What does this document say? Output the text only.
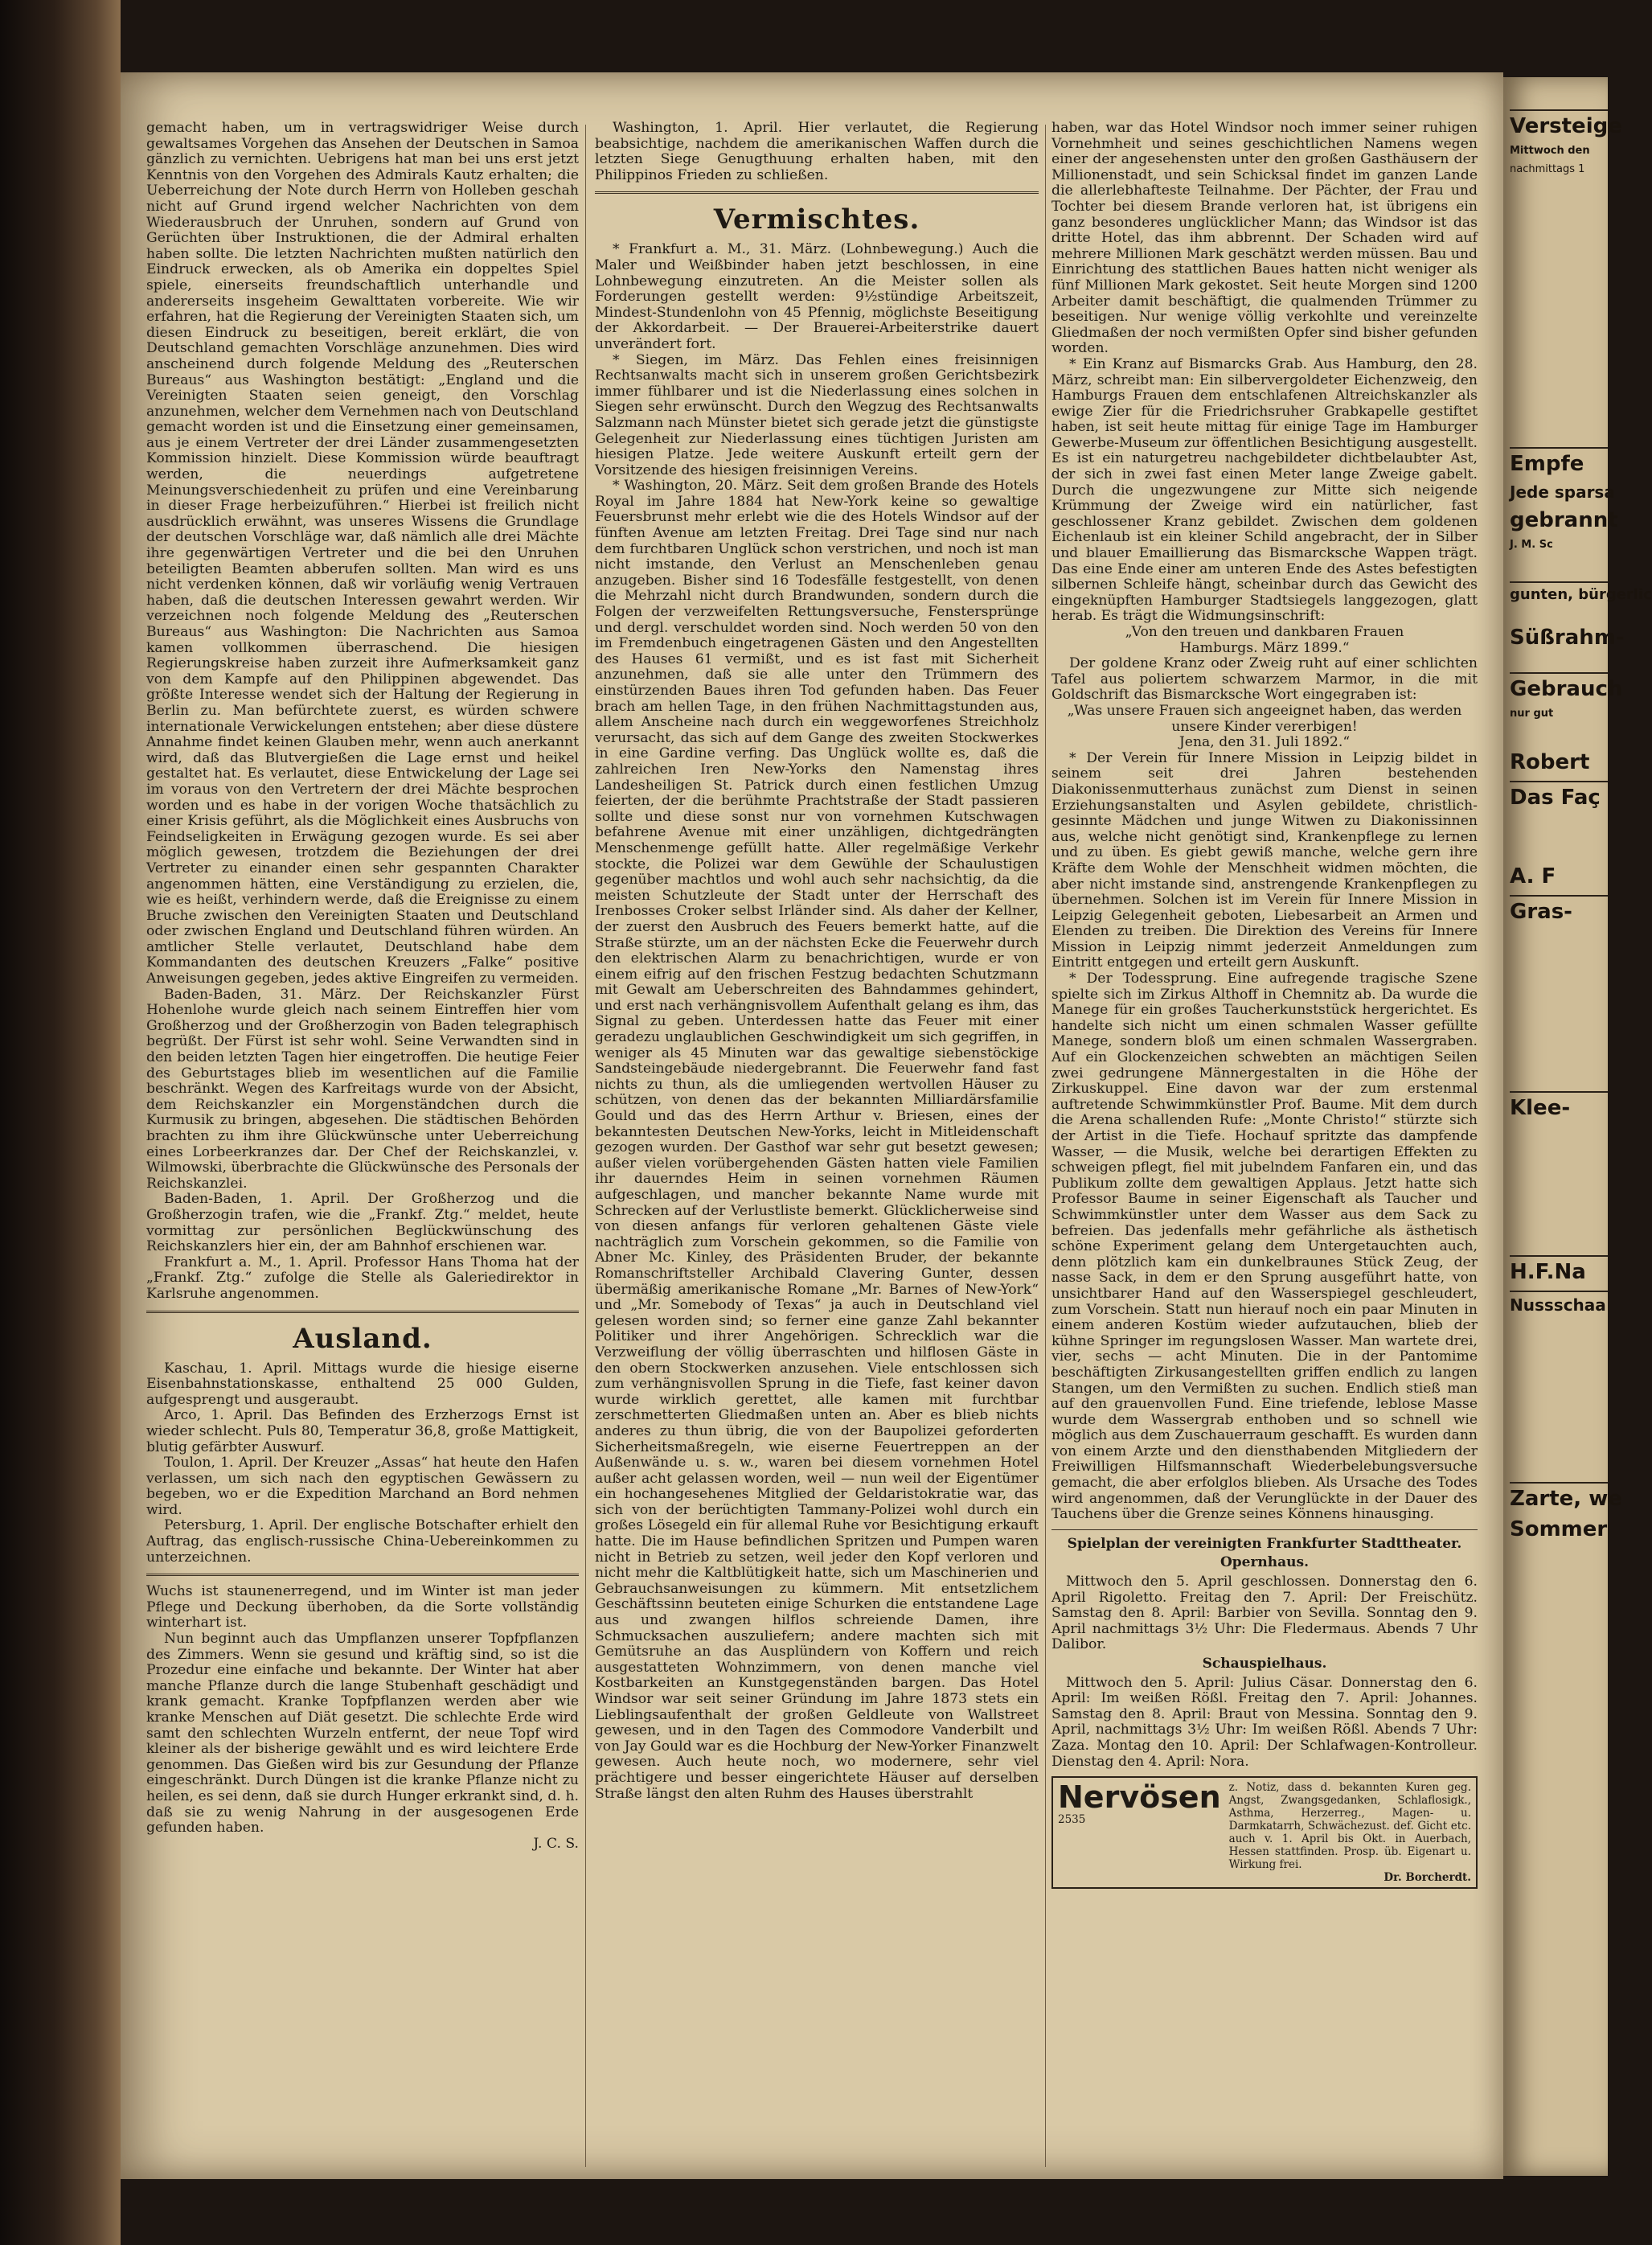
gemacht haben, um in vertragswidriger Weise durch gewaltsames Vorgehen das Ansehen der Deutschen in Samoa gänzlich zu vernichten. Uebrigens hat man bei uns erst jetzt Kenntnis von den Vorgehen des Admirals Kautz erhalten; die Ueberreichung der Note durch Herrn von Holleben geschah nicht auf Grund irgend welcher Nachrichten von dem Wiederausbruch der Unruhen, sondern auf Grund von Gerüchten über Instruktionen, die der Admiral erhalten haben sollte. Die letzten Nachrichten mußten natürlich den Eindruck erwecken, als ob Amerika ein doppeltes Spiel spiele, einerseits freundschaftlich unterhandle und andererseits insgeheim Gewalttaten vorbereite. Wie wir erfahren, hat die Regierung der Vereinigten Staaten sich, um diesen Eindruck zu beseitigen, bereit erklärt, die von Deutschland gemachten Vorschläge anzunehmen. Dies wird anscheinend durch folgende Meldung des „Reuterschen Bureaus“ aus Washington bestätigt: „England und die Vereinigten Staaten seien geneigt, den Vorschlag anzunehmen, welcher dem Vernehmen nach von Deutschland gemacht worden ist und die Einsetzung einer gemeinsamen, aus je einem Vertreter der drei Länder zusammengesetzten Kommission hinzielt. Diese Kommission würde beauftragt werden, die neuerdings aufgetretene Meinungsverschiedenheit zu prüfen und eine Vereinbarung in dieser Frage herbeizuführen.“ Hierbei ist freilich nicht ausdrücklich erwähnt, was unseres Wissens die Grundlage der deutschen Vorschläge war, daß nämlich alle drei Mächte ihre gegenwärtigen Vertreter und die bei den Unruhen beteiligten Beamten abberufen sollten. Man wird es uns nicht verdenken können, daß wir vorläufig wenig Vertrauen haben, daß die deutschen Interessen gewahrt werden. Wir verzeichnen noch folgende Meldung des „Reuterschen Bureaus“ aus Washington: Die Nachrichten aus Samoa kamen vollkommen überraschend. Die hiesigen Regierungskreise haben zurzeit ihre Aufmerksamkeit ganz von dem Kampfe auf den Philippinen abgewendet. Das größte Interesse wendet sich der Haltung der Regierung in Berlin zu. Man befürchtete zuerst, es würden schwere internationale Verwickelungen entstehen; aber diese düstere Annahme findet keinen Glauben mehr, wenn auch anerkannt wird, daß das Blutvergießen die Lage ernst und heikel gestaltet hat. Es verlautet, diese Entwickelung der Lage sei im voraus von den Vertretern der drei Mächte besprochen worden und es habe in der vorigen Woche thatsächlich zu einer Krisis geführt, als die Möglichkeit eines Ausbruchs von Feindseligkeiten in Erwägung gezogen wurde. Es sei aber möglich gewesen, trotzdem die Beziehungen der drei Vertreter zu einander einen sehr gespannten Charakter angenommen hätten, eine Verständigung zu erzielen, die, wie es heißt, verhindern werde, daß die Ereignisse zu einem Bruche zwischen den Vereinigten Staaten und Deutschland oder zwischen England und Deutschland führen würden. An amtlicher Stelle verlautet, Deutschland habe dem Kommandanten des deutschen Kreuzers „Falke“ positive Anweisungen gegeben, jedes aktive Eingreifen zu vermeiden.

Baden-Baden, 31. März. Der Reichskanzler Fürst Hohenlohe wurde gleich nach seinem Eintreffen hier vom Großherzog und der Großherzogin von Baden telegraphisch begrüßt. Der Fürst ist sehr wohl. Seine Verwandten sind in den beiden letzten Tagen hier eingetroffen. Die heutige Feier des Geburtstages blieb im wesentlichen auf die Familie beschränkt. Wegen des Karfreitags wurde von der Absicht, dem Reichskanzler ein Morgenständchen durch die Kurmusik zu bringen, abgesehen. Die städtischen Behörden brachten zu ihm ihre Glückwünsche unter Ueberreichung eines Lorbeerkranzes dar. Der Chef der Reichskanzlei, v. Wilmowski, überbrachte die Glückwünsche des Personals der Reichskanzlei.

Baden-Baden, 1. April. Der Großherzog und die Großherzogin trafen, wie die „Frankf. Ztg.“ meldet, heute vormittag zur persönlichen Beglückwünschung des Reichskanzlers hier ein, der am Bahnhof erschienen war.

Frankfurt a. M., 1. April. Professor Hans Thoma hat der „Frankf. Ztg.“ zufolge die Stelle als Galeriedirektor in Karlsruhe angenommen.

Ausland.

Kaschau, 1. April. Mittags wurde die hiesige eiserne Eisenbahnstationskasse, enthaltend 25 000 Gulden, aufgesprengt und ausgeraubt.

Arco, 1. April. Das Befinden des Erzherzogs Ernst ist wieder schlecht. Puls 80, Temperatur 36,8, große Mattigkeit, blutig gefärbter Auswurf.

Toulon, 1. April. Der Kreuzer „Assas“ hat heute den Hafen verlassen, um sich nach den egyptischen Gewässern zu begeben, wo er die Expedition Marchand an Bord nehmen wird.

Petersburg, 1. April. Der englische Botschafter erhielt den Auftrag, das englisch-russische China-Uebereinkommen zu unterzeichnen.

Wuchs ist staunenerregend, und im Winter ist man jeder Pflege und Deckung überhoben, da die Sorte vollständig winterhart ist.

Nun beginnt auch das Umpflanzen unserer Topfpflanzen des Zimmers. Wenn sie gesund und kräftig sind, so ist die Prozedur eine einfache und bekannte. Der Winter hat aber manche Pflanze durch die lange Stubenhaft geschädigt und krank gemacht. Kranke Topfpflanzen werden aber wie kranke Menschen auf Diät gesetzt. Die schlechte Erde wird samt den schlechten Wurzeln entfernt, der neue Topf wird kleiner als der bisherige gewählt und es wird leichtere Erde genommen. Das Gießen wird bis zur Gesundung der Pflanze eingeschränkt. Durch Düngen ist die kranke Pflanze nicht zu heilen, es sei denn, daß sie durch Hunger erkrankt sind, d. h. daß sie zu wenig Nahrung in der ausgesogenen Erde gefunden haben.

J. C. S.

Washington, 1. April. Hier verlautet, die Regierung beabsichtige, nachdem die amerikanischen Waffen durch die letzten Siege Genugthuung erhalten haben, mit den Philippinos Frieden zu schließen.

Vermischtes.

* Frankfurt a. M., 31. März. (Lohnbewegung.) Auch die Maler und Weißbinder haben jetzt beschlossen, in eine Lohnbewegung einzutreten. An die Meister sollen als Forderungen gestellt werden: 9½stündige Arbeitszeit, Mindest-Stundenlohn von 45 Pfennig, möglichste Beseitigung der Akkordarbeit. — Der Brauerei-Arbeiterstrike dauert unverändert fort.

* Siegen, im März. Das Fehlen eines freisinnigen Rechtsanwalts macht sich in unserem großen Gerichtsbezirk immer fühlbarer und ist die Niederlassung eines solchen in Siegen sehr erwünscht. Durch den Wegzug des Rechtsanwalts Salzmann nach Münster bietet sich gerade jetzt die günstigste Gelegenheit zur Niederlassung eines tüchtigen Juristen am hiesigen Platze. Jede weitere Auskunft erteilt gern der Vorsitzende des hiesigen freisinnigen Vereins.

* Washington, 20. März. Seit dem großen Brande des Hotels Royal im Jahre 1884 hat New-York keine so gewaltige Feuersbrunst mehr erlebt wie die des Hotels Windsor auf der fünften Avenue am letzten Freitag. Drei Tage sind nur nach dem furchtbaren Unglück schon verstrichen, und noch ist man nicht imstande, den Verlust an Menschenleben genau anzugeben. Bisher sind 16 Todesfälle festgestellt, von denen die Mehrzahl nicht durch Brandwunden, sondern durch die Folgen der verzweifelten Rettungsversuche, Fenstersprünge und dergl. verschuldet worden sind. Noch werden 50 von den im Fremdenbuch eingetragenen Gästen und den Angestellten des Hauses 61 vermißt, und es ist fast mit Sicherheit anzunehmen, daß sie alle unter den Trümmern des einstürzenden Baues ihren Tod gefunden haben. Das Feuer brach am hellen Tage, in den frühen Nachmittagstunden aus, allem Anscheine nach durch ein weggeworfenes Streichholz verursacht, das sich auf dem Gange des zweiten Stockwerkes in eine Gardine verfing. Das Unglück wollte es, daß die zahlreichen Iren New-Yorks den Namenstag ihres Landesheiligen St. Patrick durch einen festlichen Umzug feierten, der die berühmte Prachtstraße der Stadt passieren sollte und diese sonst nur von vornehmen Kutschwagen befahrene Avenue mit einer unzähligen, dichtgedrängten Menschenmenge gefüllt hatte. Aller regelmäßige Verkehr stockte, die Polizei war dem Gewühle der Schaulustigen gegenüber machtlos und wohl auch sehr nachsichtig, da die meisten Schutzleute der Stadt unter der Herrschaft des Irenbosses Croker selbst Irländer sind. Als daher der Kellner, der zuerst den Ausbruch des Feuers bemerkt hatte, auf die Straße stürzte, um an der nächsten Ecke die Feuerwehr durch den elektrischen Alarm zu benachrichtigen, wurde er von einem eifrig auf den frischen Festzug bedachten Schutzmann mit Gewalt am Ueberschreiten des Bahndammes gehindert, und erst nach verhängnisvollem Aufenthalt gelang es ihm, das Signal zu geben. Unterdessen hatte das Feuer mit einer geradezu unglaublichen Geschwindigkeit um sich gegriffen, in weniger als 45 Minuten war das gewaltige siebenstöckige Sandsteingebäude niedergebrannt. Die Feuerwehr fand fast nichts zu thun, als die umliegenden wertvollen Häuser zu schützen, von denen das der bekannten Milliardärsfamilie Gould und das des Herrn Arthur v. Briesen, eines der bekanntesten Deutschen New-Yorks, leicht in Mitleidenschaft gezogen wurden. Der Gasthof war sehr gut besetzt gewesen; außer vielen vorübergehenden Gästen hatten viele Familien ihr dauerndes Heim in seinen vornehmen Räumen aufgeschlagen, und mancher bekannte Name wurde mit Schrecken auf der Verlustliste bemerkt. Glücklicherweise sind von diesen anfangs für verloren gehaltenen Gäste viele nachträglich zum Vorschein gekommen, so die Familie von Abner Mc. Kinley, des Präsidenten Bruder, der bekannte Romanschriftsteller Archibald Clavering Gunter, dessen übermäßig amerikanische Romane „Mr. Barnes of New-York“ und „Mr. Somebody of Texas“ ja auch in Deutschland viel gelesen worden sind; so ferner eine ganze Zahl bekannter Politiker und ihrer Angehörigen. Schrecklich war die Verzweiflung der völlig überraschten und hilflosen Gäste in den obern Stockwerken anzusehen. Viele entschlossen sich zum verhängnisvollen Sprung in die Tiefe, fast keiner davon wurde wirklich gerettet, alle kamen mit furchtbar zerschmetterten Gliedmaßen unten an. Aber es blieb nichts anderes zu thun übrig, die von der Baupolizei geforderten Sicherheitsmaßregeln, wie eiserne Feuertreppen an der Außenwände u. s. w., waren bei diesem vornehmen Hotel außer acht gelassen worden, weil — nun weil der Eigentümer ein hochangesehenes Mitglied der Geldaristokratie war, das sich von der berüchtigten Tammany-Polizei wohl durch ein großes Lösegeld ein für allemal Ruhe vor Besichtigung erkauft hatte. Die im Hause befindlichen Spritzen und Pumpen waren nicht in Betrieb zu setzen, weil jeder den Kopf verloren und nicht mehr die Kaltblütigkeit hatte, sich um Maschinerien und Gebrauchsanweisungen zu kümmern. Mit entsetzlichem Geschäftssinn beuteten einige Schurken die entstandene Lage aus und zwangen hilflos schreiende Damen, ihre Schmucksachen auszuliefern; andere machten sich mit Gemütsruhe an das Ausplündern von Koffern und reich ausgestatteten Wohnzimmern, von denen manche viel Kostbarkeiten an Kunstgegenständen bargen. Das Hotel Windsor war seit seiner Gründung im Jahre 1873 stets ein Lieblingsaufenthalt der großen Geldleute von Wallstreet gewesen, und in den Tagen des Commodore Vanderbilt und von Jay Gould war es die Hochburg der New-Yorker Finanzwelt gewesen. Auch heute noch, wo modernere, sehr viel prächtigere und besser eingerichtete Häuser auf derselben Straße längst den alten Ruhm des Hauses überstrahlt

haben, war das Hotel Windsor noch immer seiner ruhigen Vornehmheit und seines geschichtlichen Namens wegen einer der angesehensten unter den großen Gasthäusern der Millionenstadt, und sein Schicksal findet im ganzen Lande die allerlebhafteste Teilnahme. Der Pächter, der Frau und Tochter bei diesem Brande verloren hat, ist übrigens ein ganz besonderes unglücklicher Mann; das Windsor ist das dritte Hotel, das ihm abbrennt. Der Schaden wird auf mehrere Millionen Mark geschätzt werden müssen. Bau und Einrichtung des stattlichen Baues hatten nicht weniger als fünf Millionen Mark gekostet. Seit heute Morgen sind 1200 Arbeiter damit beschäftigt, die qualmenden Trümmer zu beseitigen. Nur wenige völlig verkohlte und vereinzelte Gliedmaßen der noch vermißten Opfer sind bisher gefunden worden.

* Ein Kranz auf Bismarcks Grab. Aus Hamburg, den 28. März, schreibt man: Ein silbervergoldeter Eichenzweig, den Hamburgs Frauen dem entschlafenen Altreichskanzler als ewige Zier für die Friedrichsruher Grabkapelle gestiftet haben, ist seit heute mittag für einige Tage im Hamburger Gewerbe-Museum zur öffentlichen Besichtigung ausgestellt. Es ist ein naturgetreu nachgebildeter dichtbelaubter Ast, der sich in zwei fast einen Meter lange Zweige gabelt. Durch die ungezwungene zur Mitte sich neigende Krümmung der Zweige wird ein natürlicher, fast geschlossener Kranz gebildet. Zwischen dem goldenen Eichenlaub ist ein kleiner Schild angebracht, der in Silber und blauer Emaillierung das Bismarcksche Wappen trägt. Das eine Ende einer am unteren Ende des Astes befestigten silbernen Schleife hängt, scheinbar durch das Gewicht des eingeknüpften Hamburger Stadtsiegels langgezogen, glatt herab. Es trägt die Widmungsinschrift:

„Von den treuen und dankbaren Frauen
Hamburgs. März 1899.“

Der goldene Kranz oder Zweig ruht auf einer schlichten Tafel aus poliertem schwarzem Marmor, in die mit Goldschrift das Bismarcksche Wort eingegraben ist:

„Was unsere Frauen sich angeeignet haben, das werden unsere Kinder vererbigen!
Jena, den 31. Juli 1892.“

* Der Verein für Innere Mission in Leipzig bildet in seinem seit drei Jahren bestehenden Diakonissenmutterhaus zunächst zum Dienst in seinen Erziehungsanstalten und Asylen gebildete, christlich-gesinnte Mädchen und junge Witwen zu Diakonissinnen aus, welche nicht genötigt sind, Krankenpflege zu lernen und zu üben. Es giebt gewiß manche, welche gern ihre Kräfte dem Wohle der Menschheit widmen möchten, die aber nicht imstande sind, anstrengende Krankenpflegen zu übernehmen. Solchen ist im Verein für Innere Mission in Leipzig Gelegenheit geboten, Liebesarbeit an Armen und Elenden zu treiben. Die Direktion des Vereins für Innere Mission in Leipzig nimmt jederzeit Anmeldungen zum Eintritt entgegen und erteilt gern Auskunft.

* Der Todessprung. Eine aufregende tragische Szene spielte sich im Zirkus Althoff in Chemnitz ab. Da wurde die Manege für ein großes Taucherkunststück hergerichtet. Es handelte sich nicht um einen schmalen Wasser gefüllte Manege, sondern bloß um einen schmalen Wassergraben. Auf ein Glockenzeichen schwebten an mächtigen Seilen zwei gedrungene Männergestalten in die Höhe der Zirkuskuppel. Eine davon war der zum erstenmal auftretende Schwimmkünstler Prof. Baume. Mit dem durch die Arena schallenden Rufe: „Monte Christo!“ stürzte sich der Artist in die Tiefe. Hochauf spritzte das dampfende Wasser, — die Musik, welche bei derartigen Effekten zu schweigen pflegt, fiel mit jubelndem Fanfaren ein, und das Publikum zollte dem gewaltigen Applaus. Jetzt hatte sich Professor Baume in seiner Eigenschaft als Taucher und Schwimmkünstler unter dem Wasser aus dem Sack zu befreien. Das jedenfalls mehr gefährliche als ästhetisch schöne Experiment gelang dem Untergetauchten auch, denn plötzlich kam ein dunkelbraunes Stück Zeug, der nasse Sack, in dem er den Sprung ausgeführt hatte, von unsichtbarer Hand auf den Wasserspiegel geschleudert, zum Vorschein. Statt nun hierauf noch ein paar Minuten in einem anderen Kostüm wieder aufzutauchen, blieb der kühne Springer im regungslosen Wasser. Man wartete drei, vier, sechs — acht Minuten. Die in der Pantomime beschäftigten Zirkusangestellten griffen endlich zu langen Stangen, um den Vermißten zu suchen. Endlich stieß man auf den grauenvollen Fund. Eine triefende, leblose Masse wurde dem Wassergrab enthoben und so schnell wie möglich aus dem Zuschauerraum geschafft. Es wurden dann von einem Arzte und den diensthabenden Mitgliedern der Freiwilligen Hilfsmannschaft Wiederbelebungsversuche gemacht, die aber erfolglos blieben. Als Ursache des Todes wird angenommen, daß der Verunglückte in der Dauer des Tauchens über die Grenze seines Könnens hinausging.

Spielplan der vereinigten Frankfurter Stadttheater.
Opernhaus.

Mittwoch den 5. April geschlossen. Donnerstag den 6. April Rigoletto. Freitag den 7. April: Der Freischütz. Samstag den 8. April: Barbier von Sevilla. Sonntag den 9. April nachmittags 3½ Uhr: Die Fledermaus. Abends 7 Uhr Dalibor.

Schauspielhaus.

Mittwoch den 5. April: Julius Cäsar. Donnerstag den 6. April: Im weißen Rößl. Freitag den 7. April: Johannes. Samstag den 8. April: Braut von Messina. Sonntag den 9. April, nachmittags 3½ Uhr: Im weißen Rößl. Abends 7 Uhr: Zaza. Montag den 10. April: Der Schlafwagen-Kontrolleur. Dienstag den 4. April: Nora.

Nervösen
2535
z. Notiz, dass d. bekannten Kuren geg. Angst, Zwangsgedanken, Schlaflosigk., Asthma, Herzerreg., Magen- u. Darmkatarrh, Schwächezust. def. Gicht etc. auch v. 1. April bis Okt. in Auerbach, Hessen stattfinden. Prosp. üb. Eigenart u. Wirkung frei.
Dr. Borcherdt.
Versteige
Mittwoch den
nachmittags 1
Empfe
Jede sparsa
gebrannt
J. M. Sc
gunten, bürgerlic
Süßrahm-
Gebrauch
nur gut
Robert
Das Faç
A. F
Gras-
Klee-
H.F.Na
Nussschaa
Zarte, we
Sommer
